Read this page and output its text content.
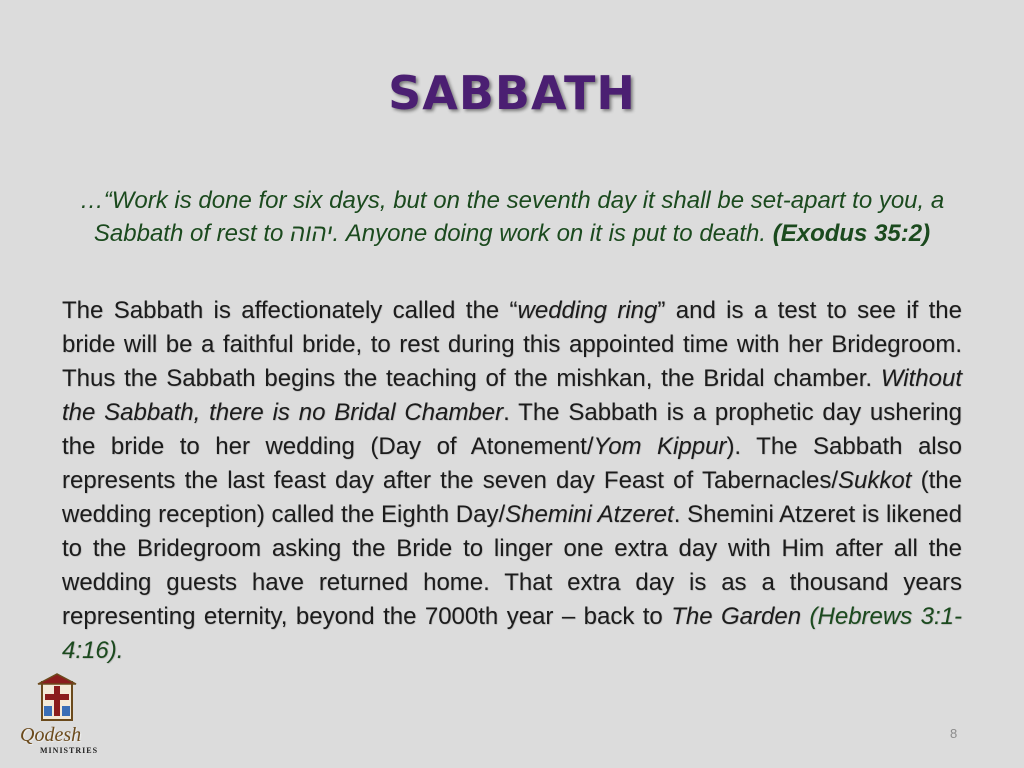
SABBATH
…“Work is done for six days, but on the seventh day it shall be set-apart to you, a Sabbath of rest to יהוה. Anyone doing work on it is put to death. (Exodus 35:2)
The Sabbath is affectionately called the “wedding ring” and is a test to see if the bride will be a faithful bride, to rest during this appointed time with her Bridegroom. Thus the Sabbath begins the teaching of the mishkan, the Bridal chamber. Without the Sabbath, there is no Bridal Chamber. The Sabbath is a prophetic day ushering the bride to her wedding (Day of Atonement/Yom Kippur). The Sabbath also represents the last feast day after the seven day Feast of Tabernacles/Sukkot (the wedding reception) called the Eighth Day/Shemini Atzeret. Shemini Atzeret is likened to the Bridegroom asking the Bride to linger one extra day with Him after all the wedding guests have returned home. That extra day is as a thousand years representing eternity, beyond the 7000th year – back to The Garden (Hebrews 3:1-4:16).
Qodesh
MINISTRIES
8
